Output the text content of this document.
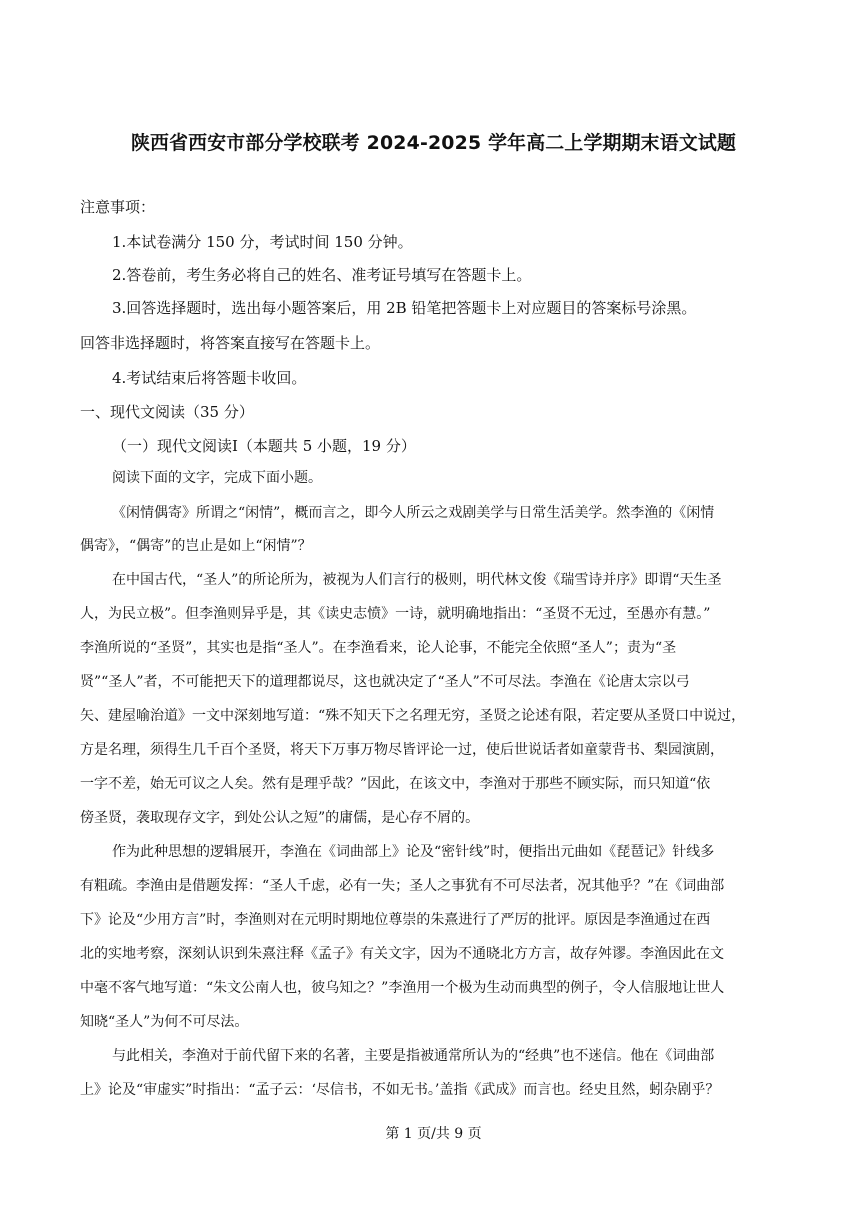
陕西省西安市部分学校联考 2024-2025 学年高二上学期期末语文试题
注意事项：
1.本试卷满分 150 分，考试时间 150 分钟。
2.答卷前，考生务必将自己的姓名、准考证号填写在答题卡上。
3.回答选择题时，选出每小题答案后，用 2B 铅笔把答题卡上对应题目的答案标号涂黑。
回答非选择题时，将答案直接写在答题卡上。
4.考试结束后将答题卡收回。
一、现代文阅读（35 分）
（一）现代文阅读Ⅰ（本题共 5 小题，19 分）
阅读下面的文字，完成下面小题。
《闲情偶寄》所谓之“闲情”，概而言之，即今人所云之戏剧美学与日常生活美学。然李渔的《闲情
偶寄》，“偶寄”的岂止是如上“闲情”？
在中国古代，“圣人”的所论所为，被视为人们言行的极则，明代林文俊《瑞雪诗并序》即谓“天生圣
人，为民立极”。但李渔则异乎是，其《读史志愤》一诗，就明确地指出：“圣贤不无过，至愚亦有慧。”
李渔所说的“圣贤”，其实也是指“圣人”。在李渔看来，论人论事，不能完全依照“圣人”；责为“圣
贤”“圣人”者，不可能把天下的道理都说尽，这也就决定了“圣人”不可尽法。李渔在《论唐太宗以弓
矢、建屋喻治道》一文中深刻地写道：“殊不知天下之名理无穷，圣贤之论述有限，若定要从圣贤口中说过，
方是名理，须得生几千百个圣贤，将天下万事万物尽皆评论一过，使后世说话者如童蒙背书、梨园演剧，
一字不差，始无可议之人矣。然有是理乎哉？”因此，在该文中，李渔对于那些不顾实际，而只知道“依
傍圣贤，袭取现存文字，到处公认之短”的庸儒，是心存不屑的。
作为此种思想的逻辑展开，李渔在《词曲部上》论及“密针线”时，便指出元曲如《琵琶记》针线多
有粗疏。李渔由是借题发挥：“圣人千虑，必有一失；圣人之事犹有不可尽法者，况其他乎？”在《词曲部
下》论及“少用方言”时，李渔则对在元明时期地位尊崇的朱熹进行了严厉的批评。原因是李渔通过在西
北的实地考察，深刻认识到朱熹注释《孟子》有关文字，因为不通晓北方方言，故存舛谬。李渔因此在文
中毫不客气地写道：“朱文公南人也，彼乌知之？”李渔用一个极为生动而典型的例子，令人信服地让世人
知晓“圣人”为何不可尽法。
与此相关，李渔对于前代留下来的名著，主要是指被通常所认为的“经典”也不迷信。他在《词曲部
上》论及“审虚实”时指出：“孟子云：‘尽信书，不如无书。’盖指《武成》而言也。经史且然，蚓杂剧乎？
第 1 页/共 9 页
